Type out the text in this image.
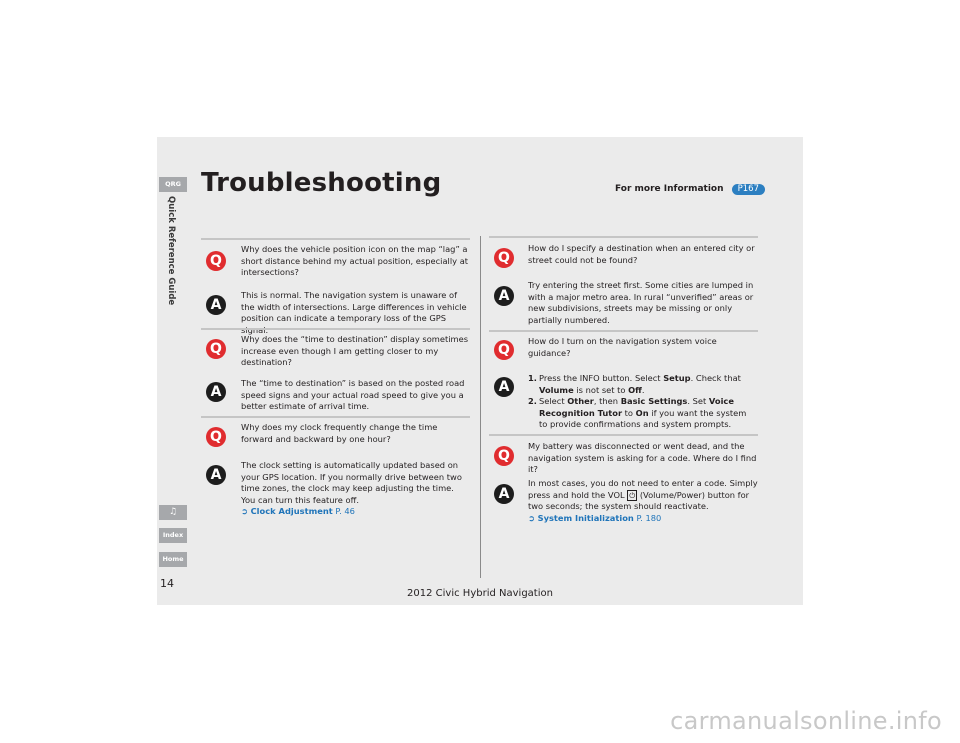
QRG
Quick Reference Guide
♫
Index
Home
Troubleshooting	For more Information P167
Q
Why does the vehicle position icon on the map “lag” a short distance behind my actual position, especially at intersections?
A
This is normal. The navigation system is unaware of the width of intersections. Large differences in vehicle position can indicate a temporary loss of the GPS
Q
Why does the “time to destination” display sometimes increase even though I am getting closer to my destination?
A
The “time to destination” is based on the posted road speed signs and your actual road speed to give you a better estimate of arrival time.
Q
Why does my clock frequently change the time forward and backward by one hour?
A
The clock setting is automatically updated based on your GPS location. If you normally drive between two time zones, the clock may keep adjusting the time. You can turn this feature off.
➲ Clock Adjustment P. 46
Q
How do I specify a destination when an entered city or street could not be found?
A
Try entering the street first. Some cities are lumped in with a major metro area. In rural “unverified” areas or new subdivisions, streets may be missing or only partially numbered.
Q
How do I turn on the navigation system voice guidance?
A
1. Press the INFO button. Select Setup. Check that Volume is not set to Off.
2. Select Other, then Basic Settings. Set Voice Recognition Tutor to On if you want the system to provide confirmations and system prompts.
Q
My battery was disconnected or went dead, and the navigation system is asking for a code. Where do I find it?
A
In most cases, you do not need to enter a code. Simply press and hold the VOL ⏻ (Volume/Power) button for two seconds; the system should reactivate.
➲ System Initialization P. 180
14
2012 Civic Hybrid Navigation
carmanualsonline.info
